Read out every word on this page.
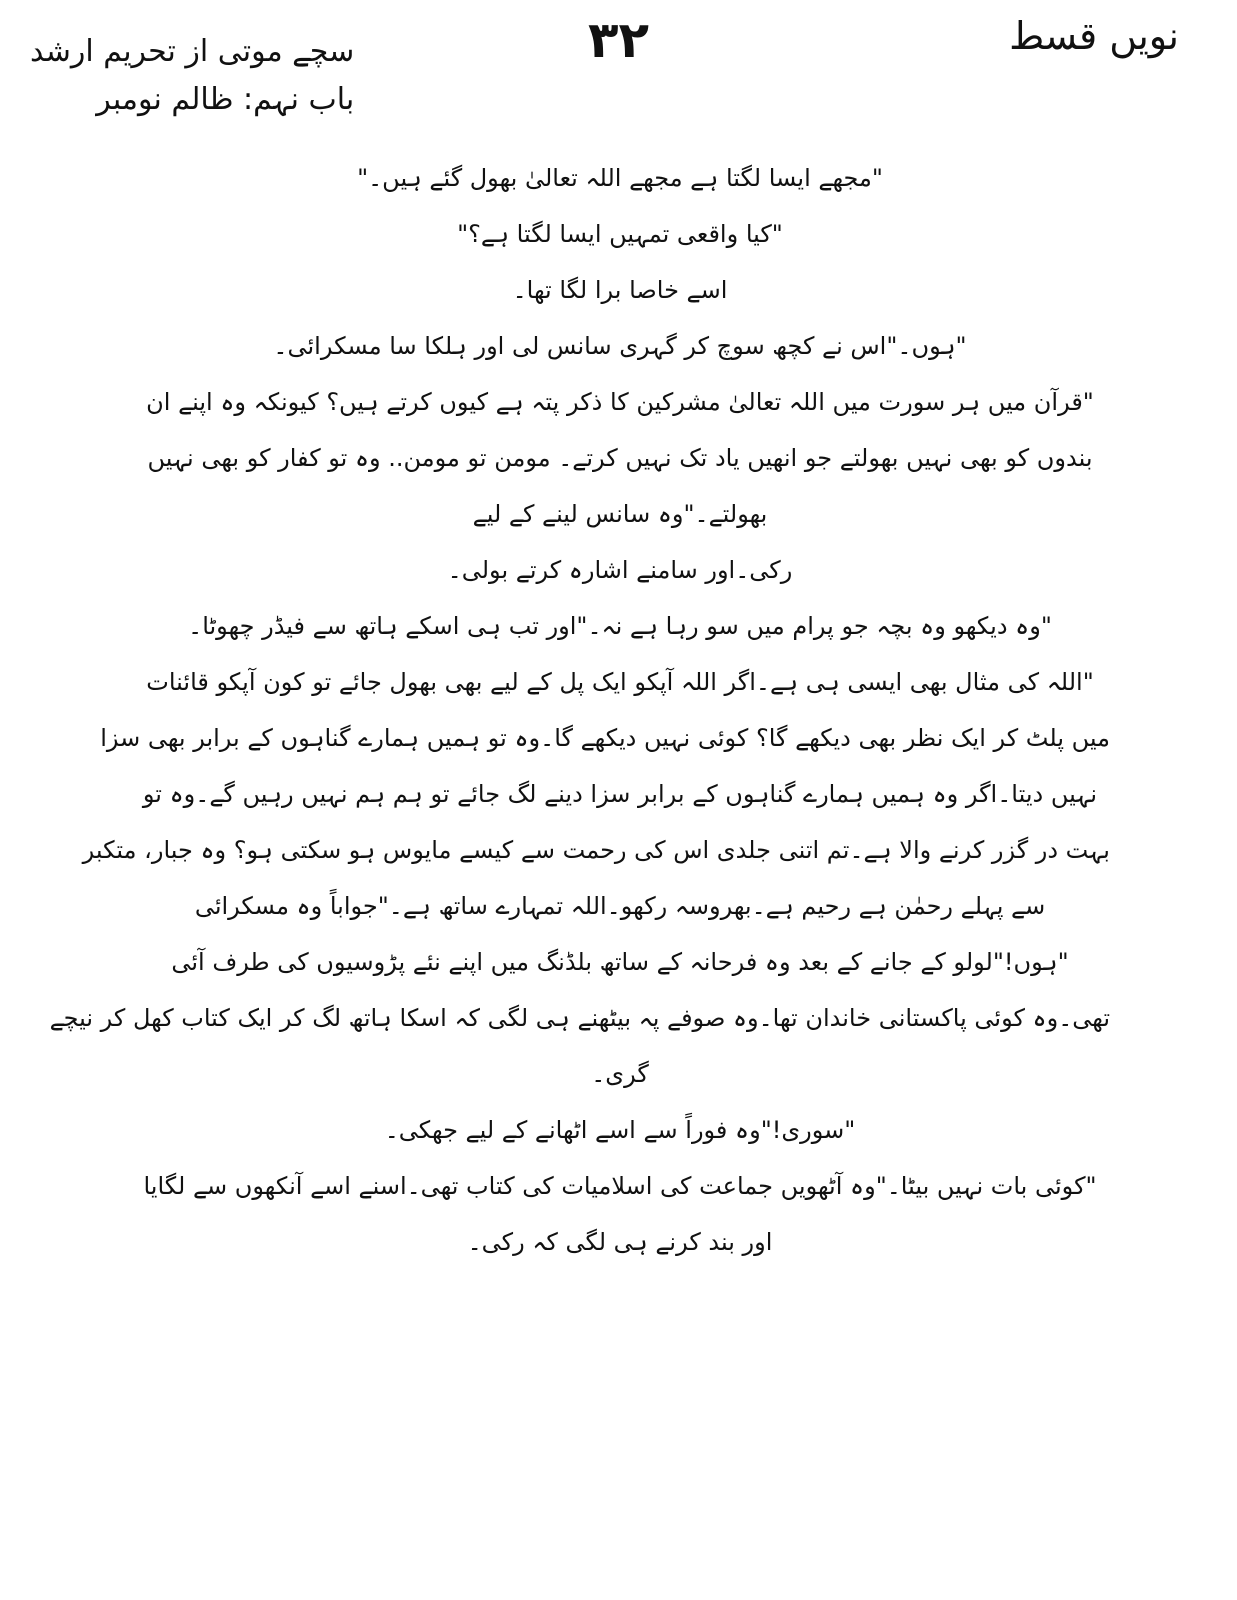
نویں قسط
۳۲
سچے موتی از تحریم ارشد
باب نہم: ظالم نومبر
"مجھے ایسا لگتا ہے مجھے اللہ تعالیٰ بھول گئے ہیں۔"
"کیا واقعی تمہیں ایسا لگتا ہے؟"
اسے خاصا برا لگا تھا۔
"ہوں۔"اس نے کچھ سوچ کر گہری سانس لی اور ہلکا سا مسکرائی۔
"قرآن میں ہر سورت میں اللہ تعالیٰ مشرکین کا ذکر پتہ ہے کیوں کرتے ہیں؟ کیونکہ وہ اپنے ان
بندوں کو بھی نہیں بھولتے جو انھیں یاد تک نہیں کرتے۔ مومن تو مومن.. وہ تو کفار کو بھی نہیں
بھولتے۔"وہ سانس لینے کے لیے
رکی۔اور سامنے اشارہ کرتے بولی۔
"وہ دیکھو وہ بچہ جو پرام میں سو رہا ہے نہ۔"اور تب ہی اسکے ہاتھ سے فیڈر چھوٹا۔
"اللہ کی مثال بھی ایسی ہی ہے۔اگر اللہ آپکو ایک پل کے لیے بھی بھول جائے تو کون آپکو قائنات
میں پلٹ کر ایک نظر بھی دیکھے گا؟ کوئی نہیں دیکھے گا۔وہ تو ہمیں ہمارے گناہوں کے برابر بھی سزا
نہیں دیتا۔اگر وہ ہمیں ہمارے گناہوں کے برابر سزا دینے لگ جائے تو ہم ہم نہیں رہیں گے۔وہ تو
بہت در گزر کرنے والا ہے۔تم اتنی جلدی اس کی رحمت سے کیسے مایوس ہو سکتی ہو؟ وہ جبار، متکبر
سے پہلے رحمٰن ہے رحیم ہے۔بھروسہ رکھو۔اللہ تمہارے ساتھ ہے۔"جواباً وہ مسکرائی
"ہوں!"لولو کے جانے کے بعد وہ فرحانہ کے ساتھ بلڈنگ میں اپنے نئے پڑوسیوں کی طرف آئی
تھی۔وہ کوئی پاکستانی خاندان تھا۔وہ صوفے پہ بیٹھنے ہی لگی کہ اسکا ہاتھ لگ کر ایک کتاب کھل کر نیچے
گری۔
"سوری!"وہ فوراً سے اسے اٹھانے کے لیے جھکی۔
"کوئی بات نہیں بیٹا۔"وہ آٹھویں جماعت کی اسلامیات کی کتاب تھی۔اسنے اسے آنکھوں سے لگایا
اور بند کرنے ہی لگی کہ رکی۔
